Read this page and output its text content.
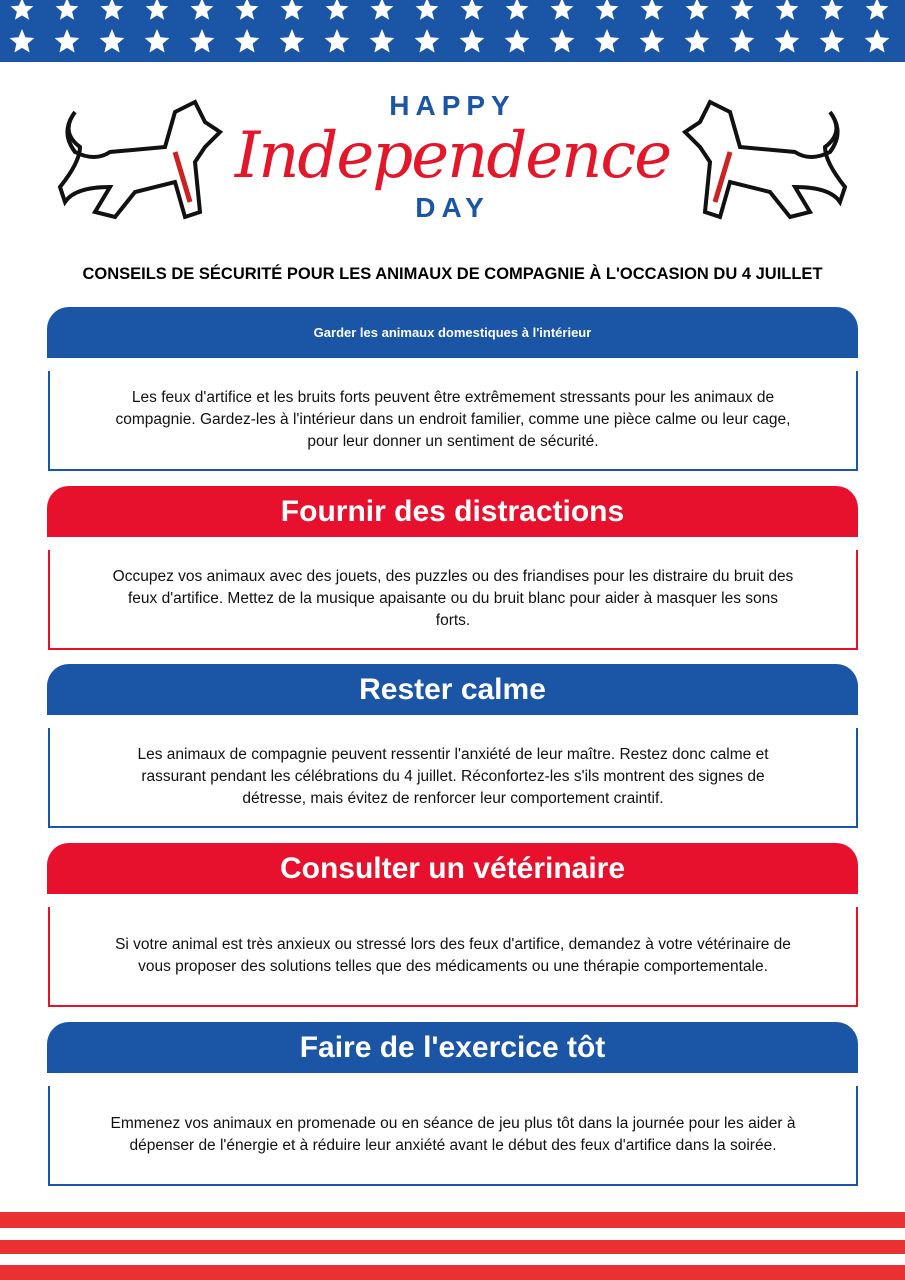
HAPPY
Independence
DAY
CONSEILS DE SÉCURITÉ POUR LES ANIMAUX DE COMPAGNIE À L'OCCASION DU 4 JUILLET
Garder les animaux domestiques à l'intérieur
Les feux d'artifice et les bruits forts peuvent être extrêmement stressants pour les animaux de compagnie. Gardez-les à l'intérieur dans un endroit familier, comme une pièce calme ou leur cage, pour leur donner un sentiment de sécurité.
Fournir des distractions
Occupez vos animaux avec des jouets, des puzzles ou des friandises pour les distraire du bruit des feux d'artifice. Mettez de la musique apaisante ou du bruit blanc pour aider à masquer les sons forts.
Rester calme
Les animaux de compagnie peuvent ressentir l'anxiété de leur maître. Restez donc calme et rassurant pendant les célébrations du 4 juillet. Réconfortez-les s'ils montrent des signes de détresse, mais évitez de renforcer leur comportement craintif.
Consulter un vétérinaire
Si votre animal est très anxieux ou stressé lors des feux d'artifice, demandez à votre vétérinaire de vous proposer des solutions telles que des médicaments ou une thérapie comportementale.
Faire de l'exercice tôt
Emmenez vos animaux en promenade ou en séance de jeu plus tôt dans la journée pour les aider à dépenser de l'énergie et à réduire leur anxiété avant le début des feux d'artifice dans la soirée.
